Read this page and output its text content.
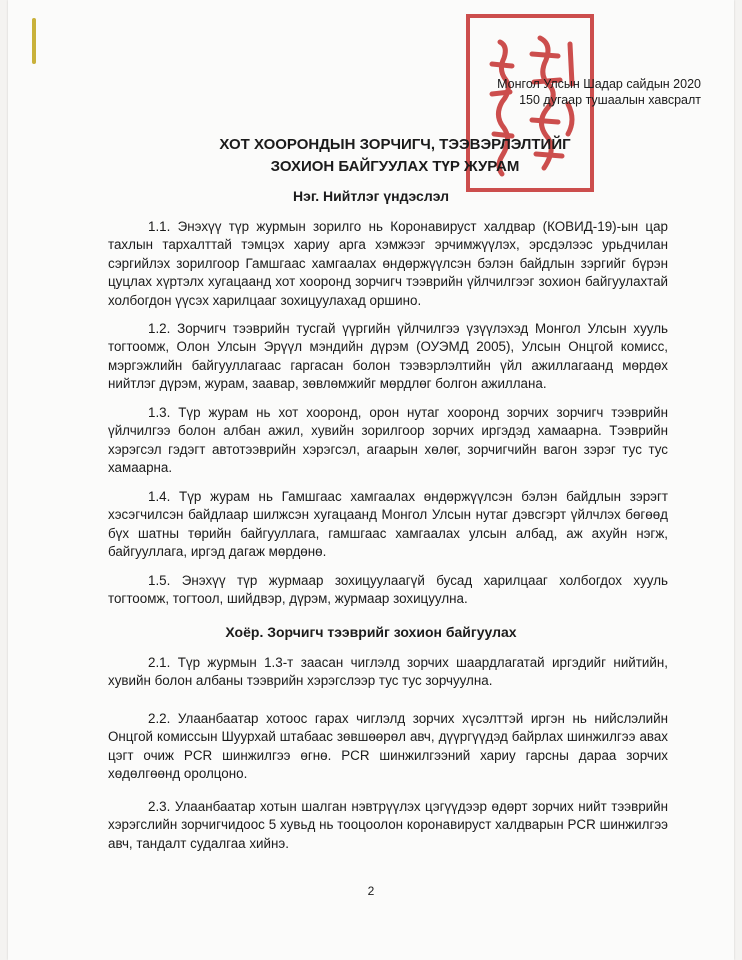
Монгол Улсын Шадар сайдын 2020
150 дугаар тушаалын хавсралт
ХОТ ХООРОНДЫН ЗОРЧИГЧ, ТЭЭВЭРЛЭЛТИЙГ
ЗОХИОН БАЙГУУЛАХ ТҮР ЖУРАМ
Нэг. Нийтлэг үндэслэл
1.1. Энэхүү түр журмын зорилго нь Коронавируст халдвар (КОВИД-19)-ын цар тахлын тархалттай тэмцэх хариу арга хэмжээг эрчимжүүлэх, эрсдэлээс урьдчилан сэргийлэх зорилгоор Гамшгаас хамгаалах өндөржүүлсэн бэлэн байдлын зэргийг бүрэн цуцлах хүртэлх хугацаанд хот хооронд зорчигч тээврийн үйлчилгээг зохион байгуулахтай холбогдон үүсэх харилцааг зохицуулахад оршино.
1.2. Зорчигч тээврийн тусгай үүргийн үйлчилгээ үзүүлэхэд Монгол Улсын хууль тогтоомж, Олон Улсын Эрүүл мэндийн дүрэм (ОУЭМД 2005), Улсын Онцгой комисс, мэргэжлийн байгууллагаас гаргасан болон тээвэрлэлтийн үйл ажиллагаанд мөрдөх нийтлэг дүрэм, журам, заавар, зөвлөмжийг мөрдлөг болгон ажиллана.
1.3. Түр журам нь хот хооронд, орон нутаг хооронд зорчих зорчигч тээврийн үйлчилгээ болон албан ажил, хувийн зорилгоор зорчих иргэдэд хамаарна. Тээврийн хэрэгсэл гэдэгт автотээврийн хэрэгсэл, агаарын хөлөг, зорчигчийн вагон зэрэг тус тус хамаарна.
1.4. Түр журам нь Гамшгаас хамгаалах өндөржүүлсэн бэлэн байдлын зэрэгт хэсэгчилсэн байдлаар шилжсэн хугацаанд Монгол Улсын нутаг дэвсгэрт үйлчлэх бөгөөд бүх шатны төрийн байгууллага, гамшгаас хамгаалах улсын албад, аж ахуйн нэгж, байгууллага, иргэд дагаж мөрдөнө.
1.5. Энэхүү түр журмаар зохицуулаагүй бусад харилцааг холбогдох хууль тогтоомж, тогтоол, шийдвэр, дүрэм, журмаар зохицуулна.
Хоёр. Зорчигч тээврийг зохион байгуулах
2.1. Түр журмын 1.3-т заасан чиглэлд зорчих шаардлагатай иргэдийг нийтийн, хувийн болон албаны тээврийн хэрэгслээр тус тус зорчуулна.
2.2. Улаанбаатар хотоос гарах чиглэлд зорчих хүсэлттэй иргэн нь нийслэлийн Онцгой комиссын Шуурхай штабаас зөвшөөрөл авч, дүүргүүдэд байрлах шинжилгээ авах цэгт очиж PCR шинжилгээ өгнө. PCR шинжилгээний хариу гарсны дараа зорчих хөдөлгөөнд оролцоно.
2.3. Улаанбаатар хотын шалган нэвтрүүлэх цэгүүдээр өдөрт зорчих нийт тээврийн хэрэгслийн зорчигчидоос 5 хувьд нь тооцоолон коронавируст халдварын PCR шинжилгээ авч, тандалт судалгаа хийнэ.
2
